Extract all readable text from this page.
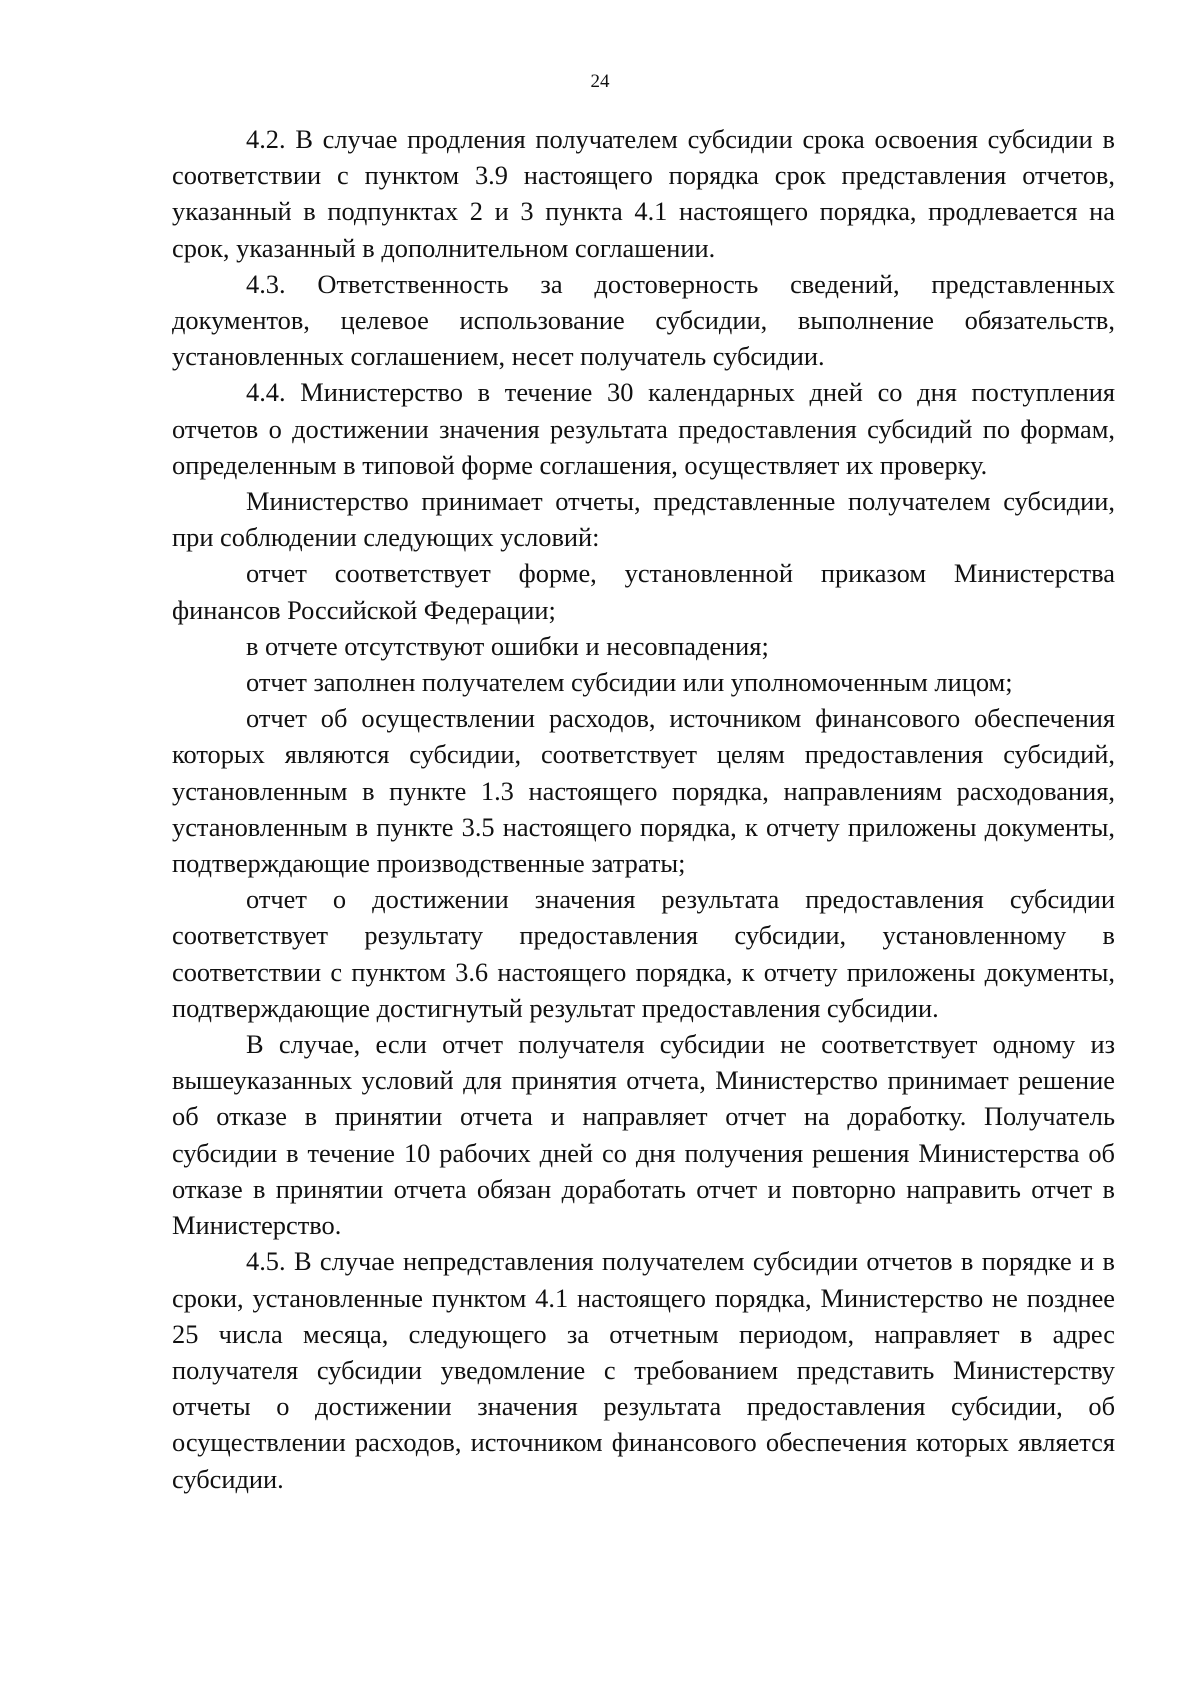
24

4.2. В случае продления получателем субсидии срока освоения субсидии в соответствии с пунктом 3.9 настоящего порядка срок представления отчетов, указанный в подпунктах 2 и 3 пункта 4.1 настоящего порядка, продлевается на срок, указанный в дополнительном соглашении.

4.3. Ответственность за достоверность сведений, представленных документов, целевое использование субсидии, выполнение обязательств, установленных соглашением, несет получатель субсидии.

4.4. Министерство в течение 30 календарных дней со дня поступления отчетов о достижении значения результата предоставления субсидий по формам, определенным в типовой форме соглашения, осуществляет их проверку.

Министерство принимает отчеты, представленные получателем субсидии, при соблюдении следующих условий:

отчет соответствует форме, установленной приказом Министерства финансов Российской Федерации;

в отчете отсутствуют ошибки и несовпадения;

отчет заполнен получателем субсидии или уполномоченным лицом;

отчет об осуществлении расходов, источником финансового обеспечения которых являются субсидии, соответствует целям предоставления субсидий, установленным в пункте 1.3 настоящего порядка, направлениям расходования, установленным в пункте 3.5 настоящего порядка, к отчету приложены документы, подтверждающие производственные затраты;

отчет о достижении значения результата предоставления субсидии соответствует результату предоставления субсидии, установленному в соответствии с пунктом 3.6 настоящего порядка, к отчету приложены документы, подтверждающие достигнутый результат предоставления субсидии.

В случае, если отчет получателя субсидии не соответствует одному из вышеуказанных условий для принятия отчета, Министерство принимает решение об отказе в принятии отчета и направляет отчет на доработку. Получатель субсидии в течение 10 рабочих дней со дня получения решения Министерства об отказе в принятии отчета обязан доработать отчет и повторно направить отчет в Министерство.

4.5. В случае непредставления получателем субсидии отчетов в порядке и в сроки, установленные пунктом 4.1 настоящего порядка, Министерство не позднее 25 числа месяца, следующего за отчетным периодом, направляет в адрес получателя субсидии уведомление с требованием представить Министерству отчеты о достижении значения результата предоставления субсидии, об осуществлении расходов, источником финансового обеспечения которых является субсидии.
